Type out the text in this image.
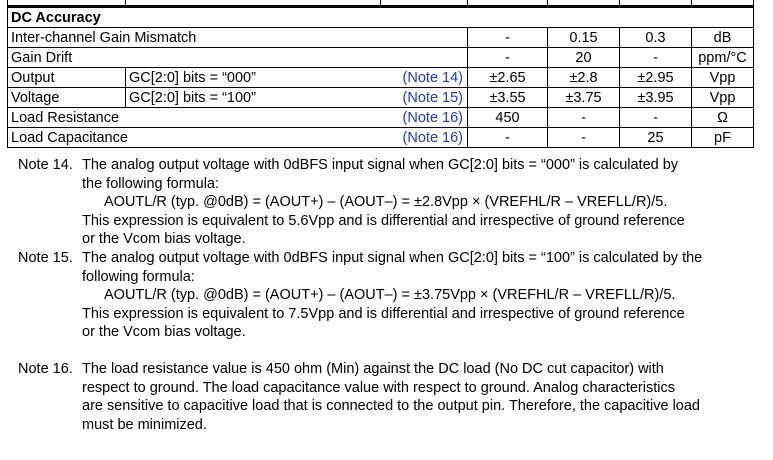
DC Accuracy						
Inter-channel Gain Mismatch			-	0.15	0.3	dB
Gain Drift			-	20	-	ppm/°C
Output	GC[2:0] bits = “000”	(Note 14)	±2.65	±2.8	±2.95	Vpp
Voltage	GC[2:0] bits = “100”	(Note 15)	±3.55	±3.75	±3.95	Vpp
Load Resistance		(Note 16)	450	-	-	Ω
Load Capacitance		(Note 16)	-	-	25	pF
Note 14. The analog output voltage with 0dBFS input signal when GC[2:0] bits = “000” is calculated by

the following formula:

AOUTL/R (typ. @0dB) = (AOUT+) – (AOUT–) = ±2.8Vpp × (VREFHL/R – VREFLL/R)/5.

This expression is equivalent to 5.6Vpp and is differential and irrespective of ground reference

or the Vcom bias voltage.

Note 15. The analog output voltage with 0dBFS input signal when GC[2:0] bits = “100” is calculated by the

following formula:

AOUTL/R (typ. @0dB) = (AOUT+) – (AOUT–) = ±3.75Vpp × (VREFHL/R – VREFLL/R)/5.

This expression is equivalent to 7.5Vpp and is differential and irrespective of ground reference

or the Vcom bias voltage.

Note 16. The load resistance value is 450 ohm (Min) against the DC load (No DC cut capacitor) with

respect to ground. The load capacitance value with respect to ground. Analog characteristics

are sensitive to capacitive load that is connected to the output pin. Therefore, the capacitive load

must be minimized.
